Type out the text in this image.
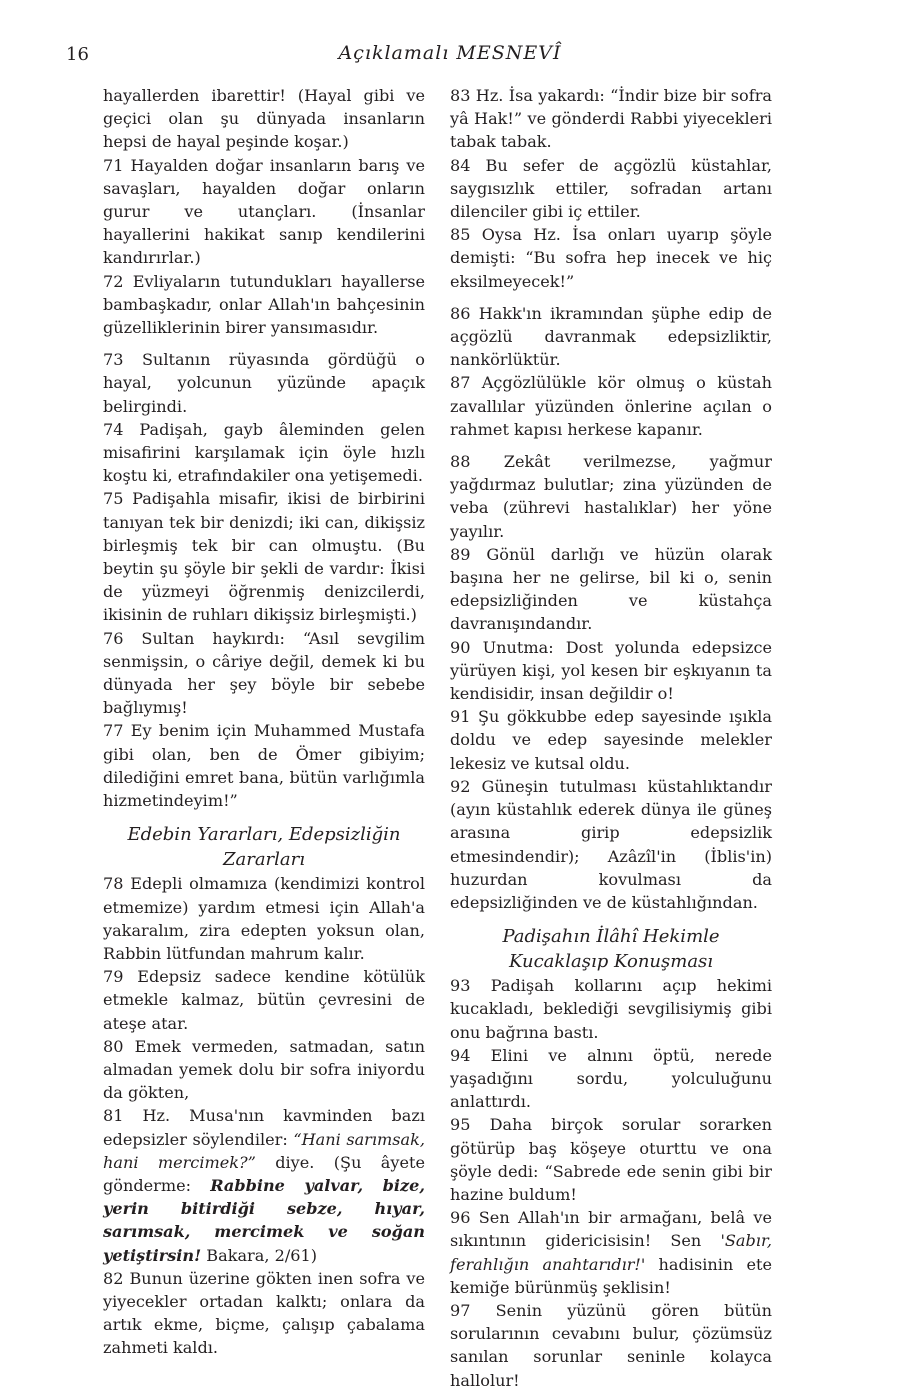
16	Açıklamalı MESNEVÎ

hayallerden ibarettir! (Hayal gibi ve geçici olan şu dünyada insanların hepsi de hayal peşinde koşar.)

71 Hayalden doğar insanların barış ve savaşları, hayalden doğar onların gurur ve utançları. (İnsanlar hayallerini hakikat sanıp kendilerini kandırırlar.)

72 Evliyaların tutundukları hayallerse bambaşkadır, onlar Allah'ın bahçesinin güzelliklerinin birer yansımasıdır.

73 Sultanın rüyasında gördüğü o hayal, yolcunun yüzünde apaçık belirgindi.

74 Padişah, gayb âleminden gelen misafirini karşılamak için öyle hızlı koştu ki, etrafındakiler ona yetişemedi.

75 Padişahla misafir, ikisi de birbirini tanıyan tek bir denizdi; iki can, dikişsiz birleşmiş tek bir can olmuştu. (Bu beytin şu şöyle bir şekli de vardır: İkisi de yüzmeyi öğrenmiş denizcilerdi, ikisinin de ruhları dikişsiz birleşmişti.)

76 Sultan haykırdı: “Asıl sevgilim senmişsin, o câriye değil, demek ki bu dünyada her şey böyle bir sebebe bağlıymış!

77 Ey benim için Muhammed Mustafa gibi olan, ben de Ömer gibiyim; dilediğini emret bana, bütün varlığımla hizmetindeyim!”

Edebin Yararları, Edepsizliğin
Zararları

78 Edepli olmamıza (kendimizi kontrol etmemize) yardım etmesi için Allah'a yakaralım, zira edepten yoksun olan, Rabbin lütfundan mahrum kalır.

79 Edepsiz sadece kendine kötülük etmekle kalmaz, bütün çevresini de ateşe atar.

80 Emek vermeden, satmadan, satın almadan yemek dolu bir sofra iniyordu da gökten,

81 Hz. Musa'nın kavminden bazı edepsizler söylendiler: “Hani sarımsak, hani mercimek?” diye. (Şu âyete gönderme: Rabbine yalvar, bize, yerin bitirdiği sebze, hıyar, sarımsak, mercimek ve soğan yetiştirsin! Bakara, 2/61)

82 Bunun üzerine gökten inen sofra ve yiyecekler ortadan kalktı; onlara da artık ekme, biçme, çalışıp çabalama zahmeti kaldı.

83 Hz. İsa yakardı: “İndir bize bir sofra yâ Hak!” ve gönderdi Rabbi yiyecekleri tabak tabak.

84 Bu sefer de açgözlü küstahlar, saygısızlık ettiler, sofradan artanı dilenciler gibi iç ettiler.

85 Oysa Hz. İsa onları uyarıp şöyle demişti: “Bu sofra hep inecek ve hiç eksilmeyecek!”

86 Hakk'ın ikramından şüphe edip de açgözlü davranmak edepsizliktir, nankörlüktür.

87 Açgözlülükle kör olmuş o küstah zavallılar yüzünden önlerine açılan o rahmet kapısı herkese kapanır.

88 Zekât verilmezse, yağmur yağdırmaz bulutlar; zina yüzünden de veba (zührevi hastalıklar) her yöne yayılır.

89 Gönül darlığı ve hüzün olarak başına her ne gelirse, bil ki o, senin edepsizliğinden ve küstahça davranışındandır.

90 Unutma: Dost yolunda edepsizce yürüyen kişi, yol kesen bir eşkıyanın ta kendisidir, insan değildir o!

91 Şu gökkubbe edep sayesinde ışıkla doldu ve edep sayesinde melekler lekesiz ve kutsal oldu.

92 Güneşin tutulması küstahlıktandır (ayın küstahlık ederek dünya ile güneş arasına girip edepsizlik etmesindendir); Azâzîl'in (İblis'in) huzurdan kovulması da edepsizliğinden ve de küstahlığından.

Padişahın İlâhî Hekimle
Kucaklaşıp Konuşması

93 Padişah kollarını açıp hekimi kucakladı, beklediği sevgilisiymiş gibi onu bağrına bastı.

94 Elini ve alnını öptü, nerede yaşadığını sordu, yolculuğunu anlattırdı.

95 Daha birçok sorular sorarken götürüp baş köşeye oturttu ve ona şöyle dedi: “Sabrede ede senin gibi bir hazine buldum!

96 Sen Allah'ın bir armağanı, belâ ve sıkıntının gidericisisin! Sen 'Sabır, ferahlığın anahtarıdır!' hadisinin ete kemiğe bürünmüş şeklisin!

97 Senin yüzünü gören bütün sorularının cevabını bulur, çözümsüz sanılan sorunlar seninle kolayca hallolur!
